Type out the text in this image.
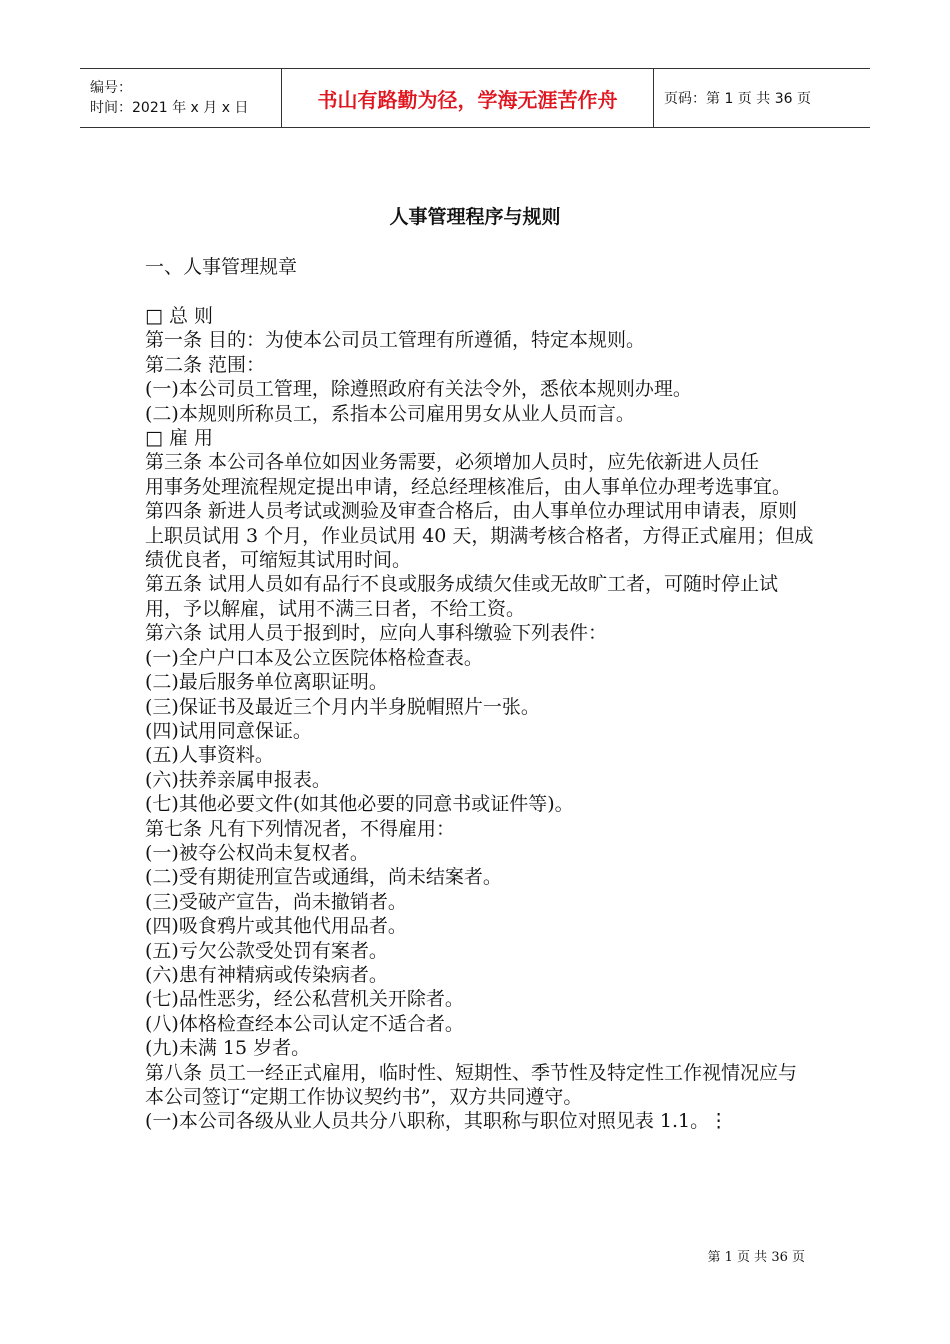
编号：
时间：2021 年 x 月 x 日	书山有路勤为径，学海无涯苦作舟	页码：第 1 页 共 36 页
人事管理程序与规则
一、人事管理规章

□ 总 则

第一条 目的：为使本公司员工管理有所遵循，特定本规则。

第二条 范围：

(一)本公司员工管理，除遵照政府有关法令外，悉依本规则办理。

(二)本规则所称员工，系指本公司雇用男女从业人员而言。

□ 雇 用

第三条 本公司各单位如因业务需要，必须增加人员时，应先依新进人员任

用事务处理流程规定提出申请，经总经理核准后，由人事单位办理考选事宜。

第四条 新进人员考试或测验及审查合格后，由人事单位办理试用申请表，原则上职员试用 3 个月，作业员试用 40 天，期满考核合格者，方得正式雇用；但成绩优良者，可缩短其试用时间。

第五条 试用人员如有品行不良或服务成绩欠佳或无故旷工者，可随时停止试用，予以解雇，试用不满三日者，不给工资。

第六条 试用人员于报到时，应向人事科缴验下列表件：

(一)全户户口本及公立医院体格检查表。

(二)最后服务单位离职证明。

(三)保证书及最近三个月内半身脱帽照片一张。

(四)试用同意保证。

(五)人事资料。

(六)扶养亲属申报表。

(七)其他必要文件(如其他必要的同意书或证件等)。

第七条 凡有下列情况者，不得雇用：

(一)被夺公权尚未复权者。

(二)受有期徒刑宣告或通缉，尚未结案者。

(三)受破产宣告，尚未撤销者。

(四)吸食鸦片或其他代用品者。

(五)亏欠公款受处罚有案者。

(六)患有神精病或传染病者。

(七)品性恶劣，经公私营机关开除者。

(八)体格检查经本公司认定不适合者。

(九)未满 15 岁者。

第八条 员工一经正式雇用，临时性、短期性、季节性及特定性工作视情况应与本公司签订“定期工作协议契约书”，双方共同遵守。

(一)本公司各级从业人员共分八职称，其职称与职位对照见表 1.1。⋮

第 1 页 共 36 页
